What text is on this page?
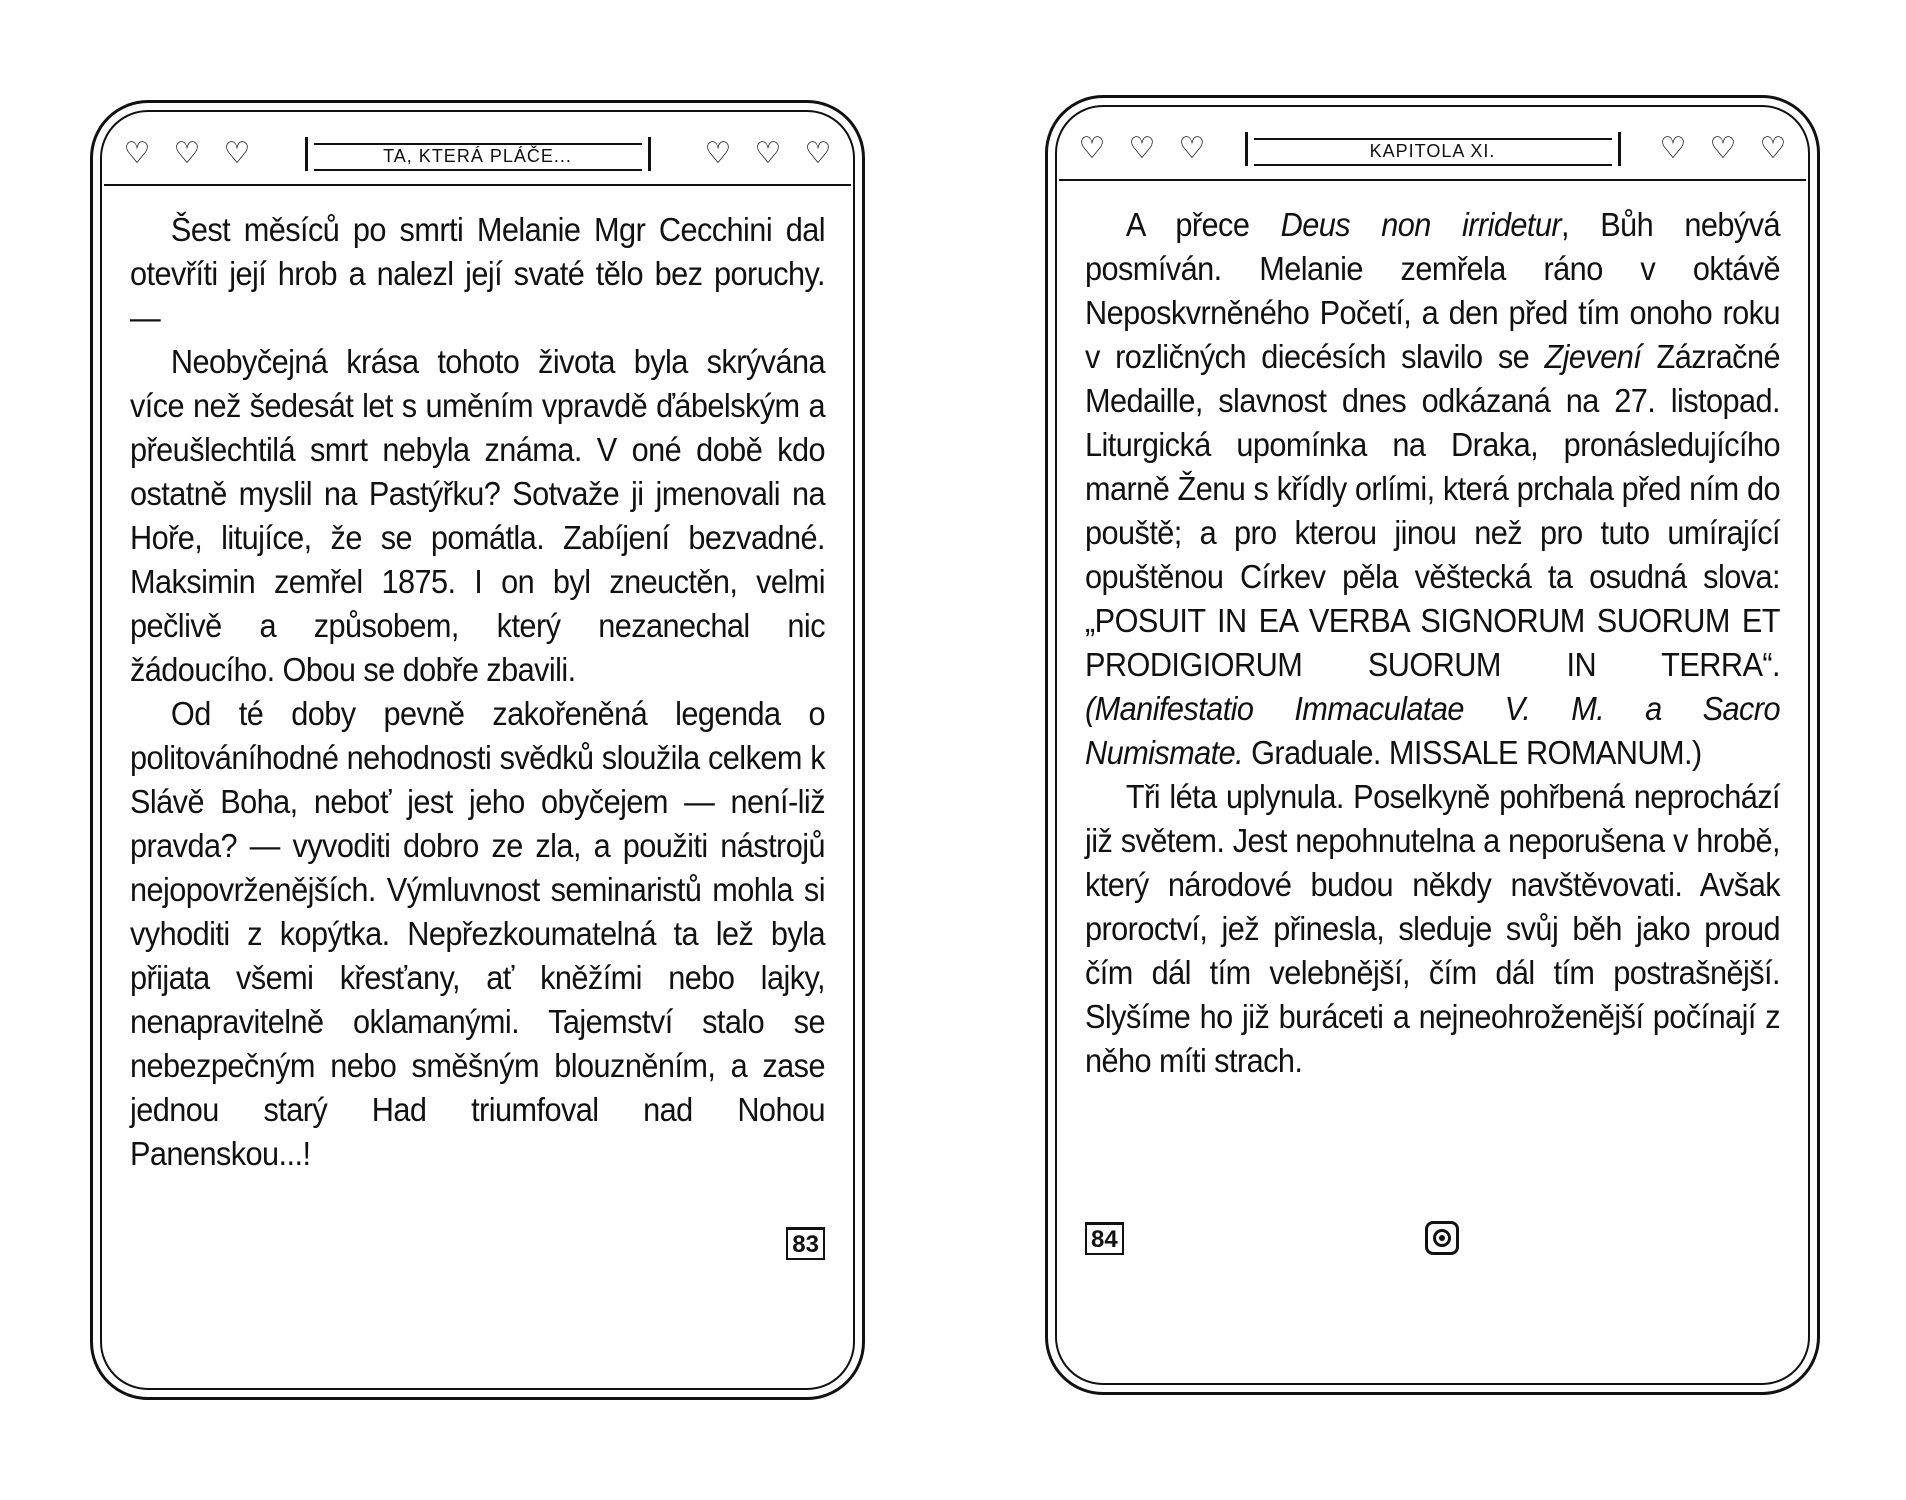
♡ ♡ ♡	TA, KTERÁ PLÁČE...	♡ ♡ ♡

Šest měsíců po smrti Melanie Mgr Cecchini dal otevříti její hrob a nalezl její svaté tělo bez poruchy. —

Neobyčejná krása tohoto života byla skrývána více než šedesát let s uměním vpravdě ďábelským a přeušlechtilá smrt nebyla známa. V oné době kdo ostatně myslil na Pastýřku? Sotvaže ji jmenovali na Hoře, litujíce, že se pomátla. Zabíjení bezvadné. Maksimin zemřel 1875. I on byl zneuctěn, velmi pečlivě a způsobem, který nezanechal nic žádoucího. Obou se dobře zbavili.

Od té doby pevně zakořeněná legenda o politováníhodné nehodnosti svědků sloužila celkem k Slávě Boha, neboť jest jeho obyčejem — není-liž pravda? — vyvoditi dobro ze zla, a použiti nástrojů nejopovrženějších. Výmluvnost seminaristů mohla si vyhoditi z kopýtka. Nepřezkoumatelná ta lež byla přijata všemi křesťany, ať kněžími nebo lajky, nenapravitelně oklamanými. Tajemství stalo se nebezpečným nebo směšným blouzněním, a zase jednou starý Had triumfoval nad Nohou Panenskou...!

83
♡ ♡ ♡	KAPITOLA XI.	♡ ♡ ♡

A přece Deus non irridetur, Bůh nebývá posmíván. Melanie zemřela ráno v oktávě Neposkvrněného Početí, a den před tím onoho roku v rozličných diecésích slavilo se Zjevení Zázračné Medaille, slavnost dnes odkázaná na 27. listopad. Liturgická upomínka na Draka, pronásledujícího marně Ženu s křídly orlími, která prchala před ním do pouště; a pro kterou jinou než pro tuto umírající opuštěnou Církev pěla věštecká ta osudná slova: „POSUIT IN EA VERBA SIGNORUM SUORUM ET PRODIGIORUM SUORUM IN TERRA“. (Manifestatio Immaculatae V. M. a Sacro Numismate. Graduale. MISSALE ROMANUM.)

Tři léta uplynula. Poselkyně pohřbená neprochází již světem. Jest nepohnutelna a neporušena v hrobě, který národové budou někdy navštěvovati. Avšak proroctví, jež přinesla, sleduje svůj běh jako proud čím dál tím velebnější, čím dál tím postrašnější. Slyšíme ho již buráceti a nejneohroženější počínají z něho míti strach.

84
